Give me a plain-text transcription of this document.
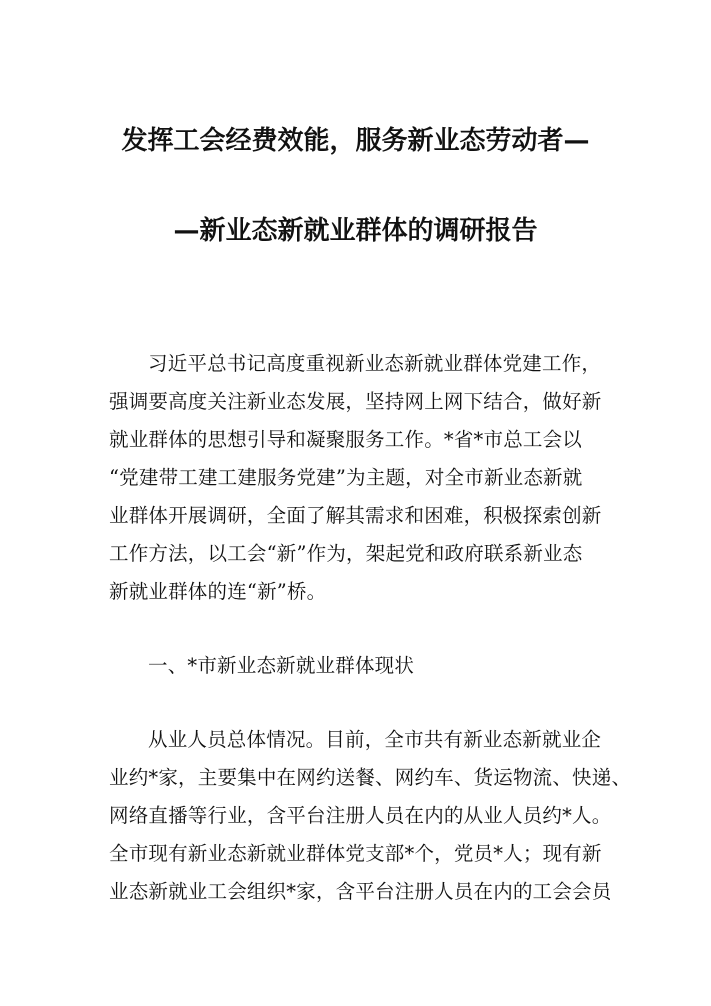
发挥工会经费效能，服务新业态劳动者—
—新业态新就业群体的调研报告
习近平总书记高度重视新业态新就业群体党建工作，
强调要高度关注新业态发展，坚持网上网下结合，做好新
就业群体的思想引导和凝聚服务工作。*省*市总工会以
“党建带工建工建服务党建”为主题，对全市新业态新就
业群体开展调研，全面了解其需求和困难，积极探索创新
工作方法，以工会“新”作为，架起党和政府联系新业态
新就业群体的连“新”桥。
一、*市新业态新就业群体现状
从业人员总体情况。目前，全市共有新业态新就业企
业约*家，主要集中在网约送餐、网约车、货运物流、快递、
网络直播等行业，含平台注册人员在内的从业人员约*人。
全市现有新业态新就业群体党支部*个，党员*人；现有新
业态新就业工会组织*家，含平台注册人员在内的工会会员
